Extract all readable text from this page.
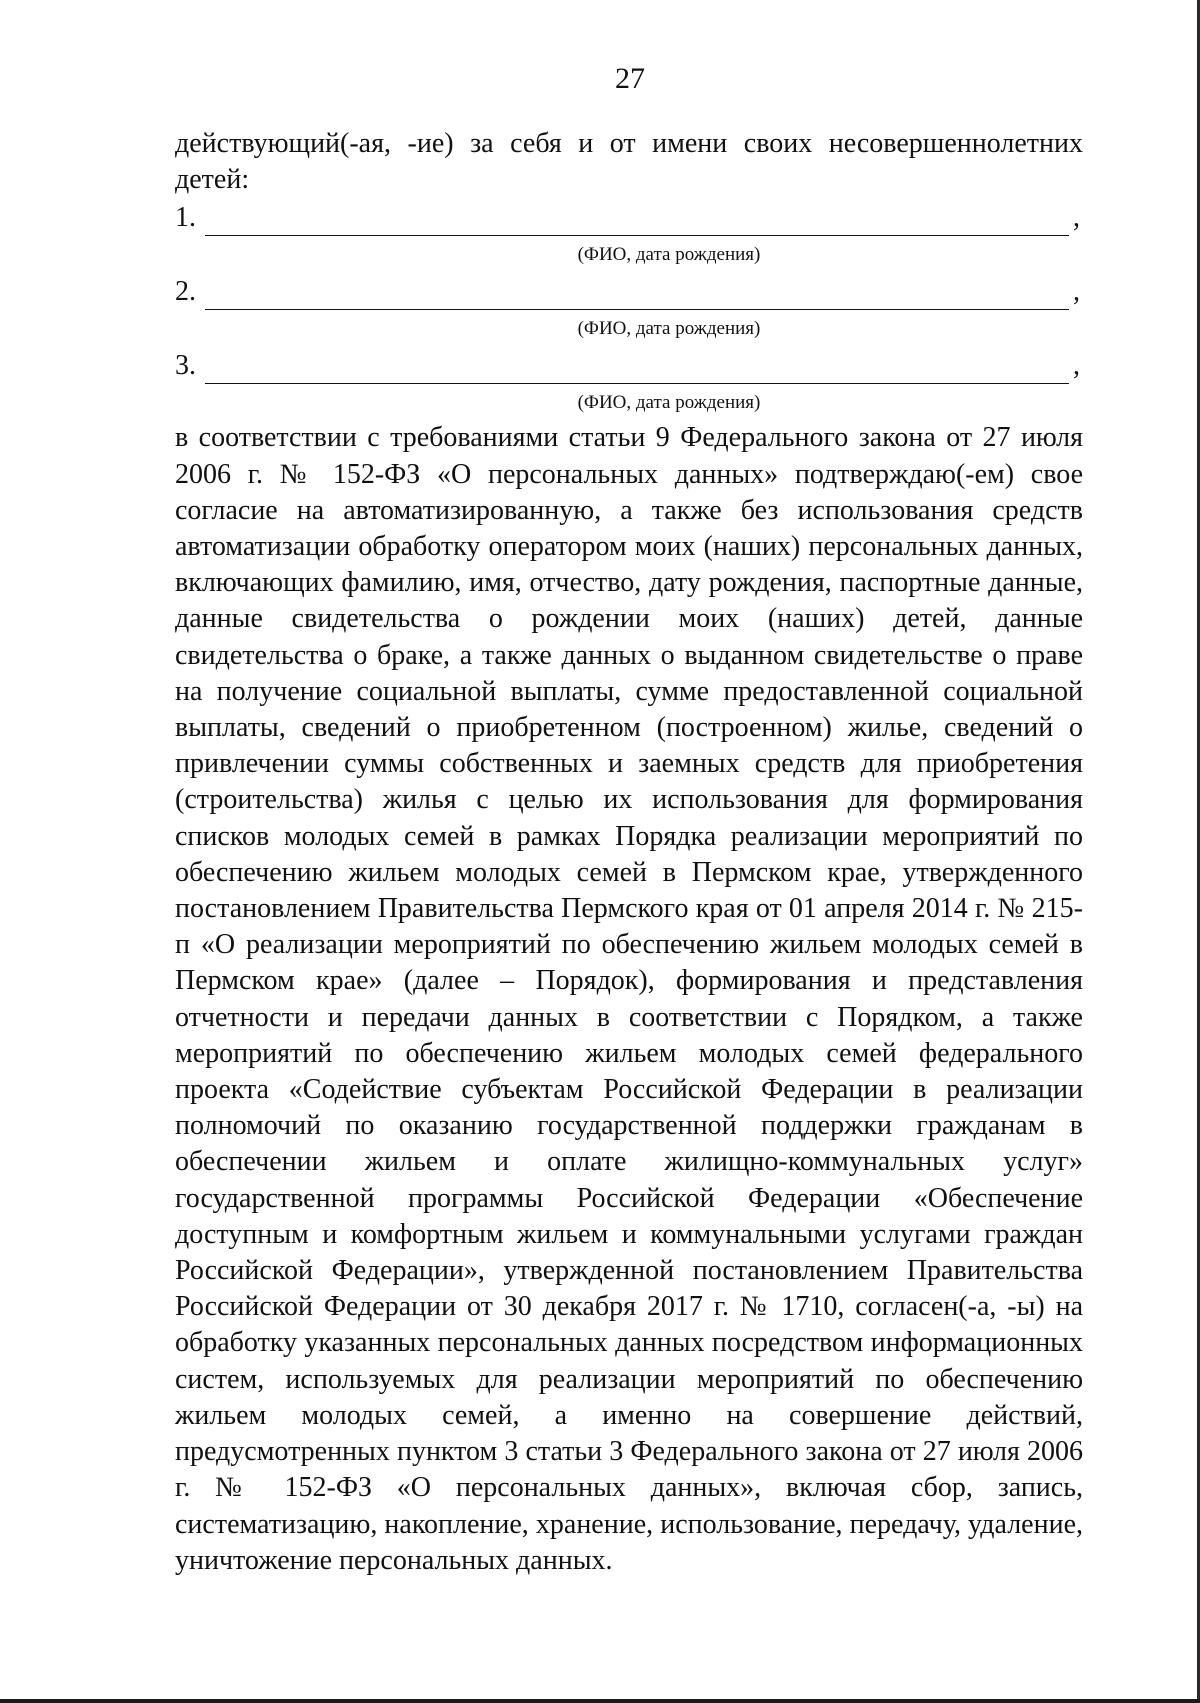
27

действующий(-ая, -ие) за себя и от имени своих несовершеннолетних детей:

1.	,
(ФИО, дата рождения)
2.	,
(ФИО, дата рождения)
3.	,
(ФИО, дата рождения)

в соответствии с требованиями статьи 9 Федерального закона от 27 июля 2006 г. № 152-ФЗ «О персональных данных» подтверждаю(-ем) свое согласие на автоматизированную, а также без использования средств автоматизации обработку оператором моих (наших) персональных данных, включающих фамилию, имя, отчество, дату рождения, паспортные данные, данные свидетельства о рождении моих (наших) детей, данные свидетельства о браке, а также данных о выданном свидетельстве о праве на получение социальной выплаты, сумме предоставленной социальной выплаты, сведений о приобретенном (построенном) жилье, сведений о привлечении суммы собственных и заемных средств для приобретения (строительства) жилья с целью их использования для формирования списков молодых семей в рамках Порядка реализации мероприятий по обеспечению жильем молодых семей в Пермском крае, утвержденного постановлением Правительства Пермского края от 01 апреля 2014 г. № 215-п «О реализации мероприятий по обеспечению жильем молодых семей в Пермском крае» (далее – Порядок), формирования и представления отчетности и передачи данных в соответствии с Порядком, а также мероприятий по обеспечению жильем молодых семей федерального проекта «Содействие субъектам Российской Федерации в реализации полномочий по оказанию государственной поддержки гражданам в обеспечении жильем и оплате жилищно-коммунальных услуг» государственной программы Российской Федерации «Обеспечение доступным и комфортным жильем и коммунальными услугами граждан Российской Федерации», утвержденной постановлением Правительства Российской Федерации от 30 декабря 2017 г. № 1710, согласен(-а, -ы) на обработку указанных персональных данных посредством информационных систем, используемых для реализации мероприятий по обеспечению жильем молодых семей, а именно на совершение действий, предусмотренных пунктом 3 статьи 3 Федерального закона от 27 июля 2006 г. № 152-ФЗ «О персональных данных», включая сбор, запись, систематизацию, накопление, хранение, использование, передачу, удаление, уничтожение персональных данных.
